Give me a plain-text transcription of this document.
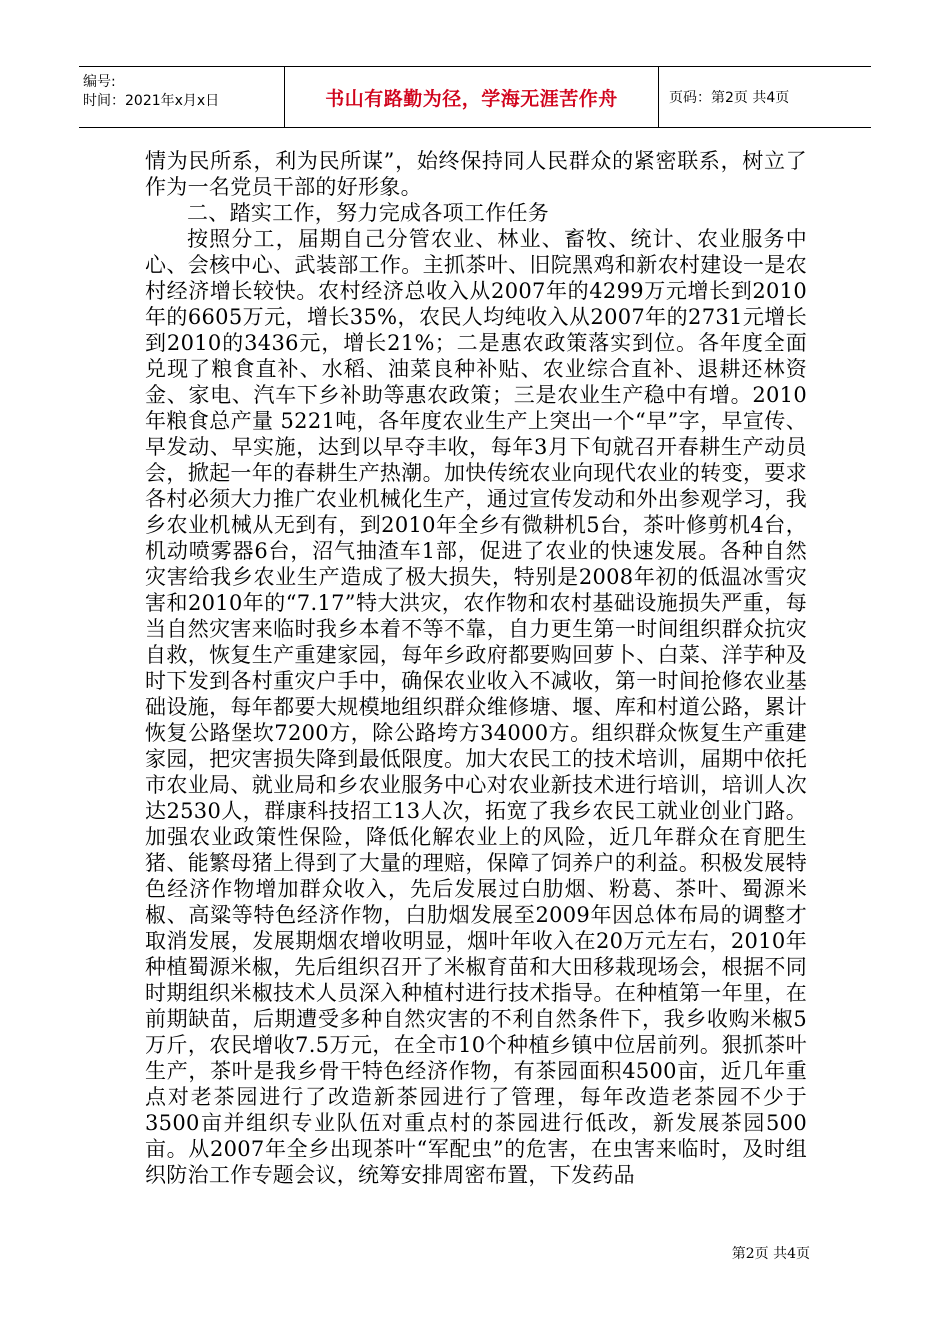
编号:
时间：2021年x月x日	书山有路勤为径，学海无涯苦作舟	页码：第2页 共4页

情为民所系，利为民所谋”，始终保持同人民群众的紧密联系，树立了作为一名党员干部的好形象。

二、踏实工作，努力完成各项工作任务

按照分工，届期自己分管农业、林业、畜牧、统计、农业服务中心、会核中心、武装部工作。主抓茶叶、旧院黑鸡和新农村建设一是农村经济增长较快。农村经济总收入从2007年的4299万元增长到2010年的6605万元，增长35%，农民人均纯收入从2007年的2731元增长到2010的3436元，增长21%；二是惠农政策落实到位。各年度全面兑现了粮食直补、水稻、油菜良种补贴、农业综合直补、退耕还林资金、家电、汽车下乡补助等惠农政策；三是农业生产稳中有增。2010年粮食总产量 5221吨，各年度农业生产上突出一个“早”字，早宣传、早发动、早实施，达到以早夺丰收，每年3月下旬就召开春耕生产动员会，掀起一年的春耕生产热潮。加快传统农业向现代农业的转变，要求各村必须大力推广农业机械化生产，通过宣传发动和外出参观学习，我乡农业机械从无到有，到2010年全乡有微耕机5台，茶叶修剪机4台，机动喷雾器6台，沼气抽渣车1部，促进了农业的快速发展。各种自然灾害给我乡农业生产造成了极大损失，特别是2008年初的低温冰雪灾害和2010年的“7.17”特大洪灾，农作物和农村基础设施损失严重，每当自然灾害来临时我乡本着不等不靠，自力更生第一时间组织群众抗灾自救，恢复生产重建家园，每年乡政府都要购回萝卜、白菜、洋芋种及时下发到各村重灾户手中，确保农业收入不减收，第一时间抢修农业基础设施，每年都要大规模地组织群众维修塘、堰、库和村道公路，累计恢复公路堡坎7200方，除公路垮方34000方。组织群众恢复生产重建家园，把灾害损失降到最低限度。加大农民工的技术培训，届期中依托市农业局、就业局和乡农业服务中心对农业新技术进行培训，培训人次达2530人，群康科技招工13人次，拓宽了我乡农民工就业创业门路。加强农业政策性保险，降低化解农业上的风险，近几年群众在育肥生猪、能繁母猪上得到了大量的理赔，保障了饲养户的利益。积极发展特色经济作物增加群众收入，先后发展过白肋烟、粉葛、茶叶、蜀源米椒、高粱等特色经济作物，白肋烟发展至2009年因总体布局的调整才取消发展，发展期烟农增收明显，烟叶年收入在20万元左右，2010年种植蜀源米椒，先后组织召开了米椒育苗和大田移栽现场会，根据不同时期组织米椒技术人员深入种植村进行技术指导。在种植第一年里，在前期缺苗，后期遭受多种自然灾害的不利自然条件下，我乡收购米椒5万斤，农民增收7.5万元，在全市10个种植乡镇中位居前列。狠抓茶叶生产，茶叶是我乡骨干特色经济作物，有茶园面积4500亩，近几年重点对老茶园进行了改造新茶园进行了管理，每年改造老茶园不少于3500亩并组织专业队伍对重点村的茶园进行低改，新发展茶园500亩。从2007年全乡出现茶叶“军配虫”的危害，在虫害来临时，及时组织防治工作专题会议，统筹安排周密布置，下发药品

第2页 共4页
